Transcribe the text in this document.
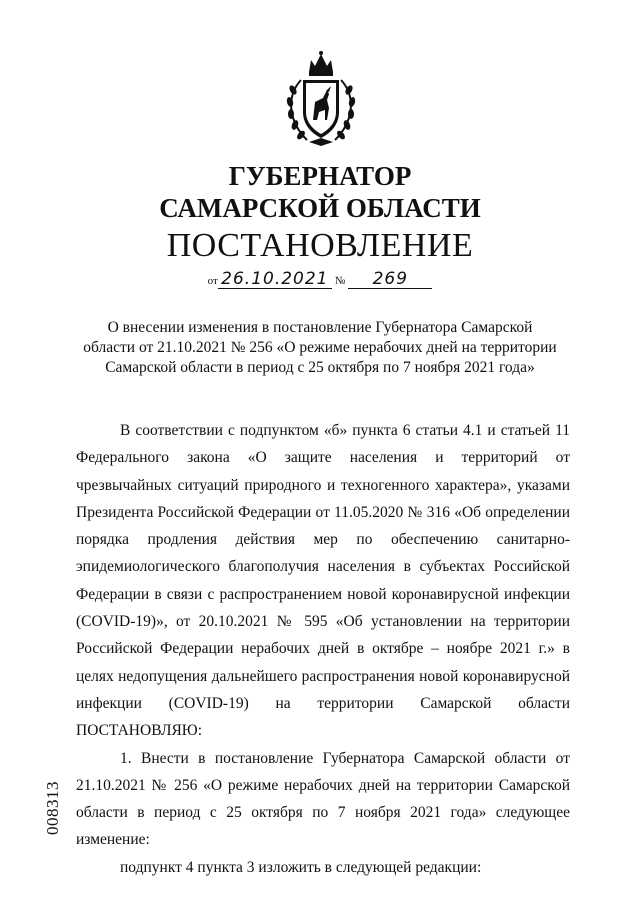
ГУБЕРНАТОР
САМАРСКОЙ ОБЛАСТИ
ПОСТАНОВЛЕНИЕ
от 26.10.2021 № 269
О внесении изменения в постановление Губернатора Самарской
области от 21.10.2021 № 256 «О режиме нерабочих дней на территории
Самарской области в период с 25 октября по 7 ноября 2021 года»

В соответствии с подпунктом «б» пункта 6 статьи 4.1 и статьей 11 Федерального закона «О защите населения и территорий от чрезвычайных ситуаций природного и техногенного характера», указами Президента Российской Федерации от 11.05.2020 № 316 «Об определении порядка продления действия мер по обеспечению санитарно-эпидемиологического благополучия населения в субъектах Российской Федерации в связи с распространением новой коронавирусной инфекции (COVID-19)», от 20.10.2021 № 595 «Об установлении на территории Российской Федерации нерабочих дней в октябре – ноябре 2021 г.» в целях недопущения дальнейшего распространения новой коронавирусной инфекции (COVID-19) на территории Самарской области ПОСТАНОВЛЯЮ:

1. Внести в постановление Губернатора Самарской области от 21.10.2021 № 256 «О режиме нерабочих дней на территории Самарской области в период с 25 октября по 7 ноября 2021 года» следующее изменение:

подпункт 4 пункта 3 изложить в следующей редакции:

008313
